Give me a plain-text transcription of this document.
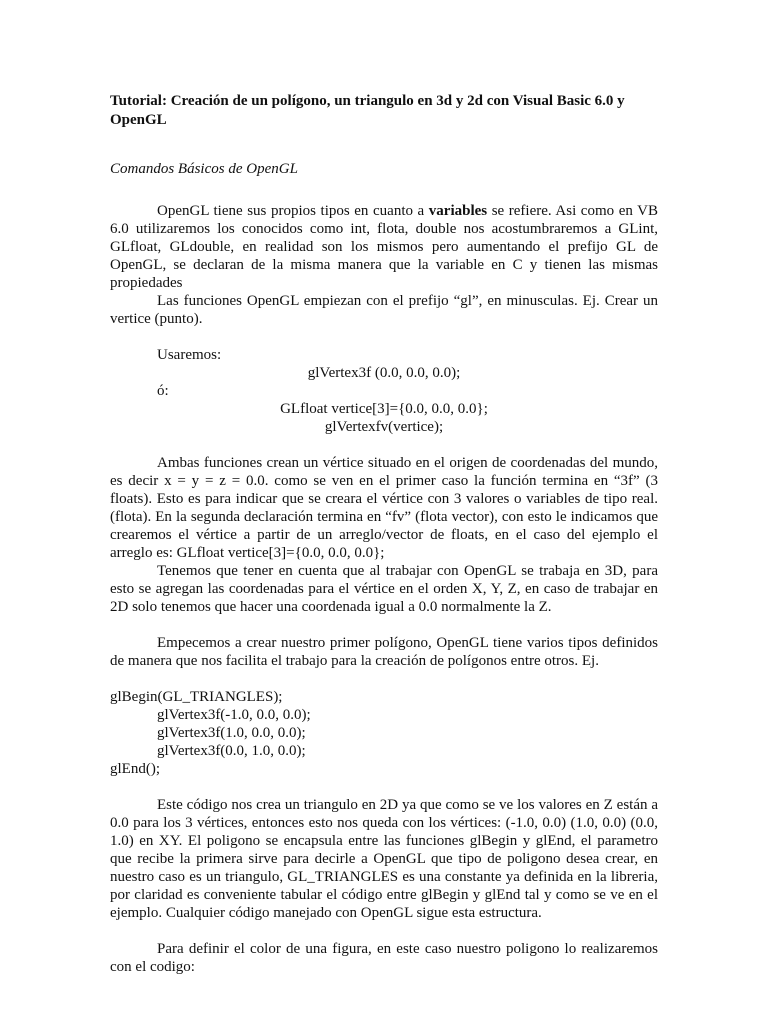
Tutorial: Creación de un polígono, un triangulo en 3d y 2d con Visual Basic 6.0 y OpenGL
Comandos Básicos de OpenGL

OpenGL tiene sus propios tipos en cuanto a variables se refiere. Asi como en VB 6.0 utilizaremos los conocidos como int, flota, double nos acostumbraremos a GLint, GLfloat, GLdouble, en realidad son los mismos pero aumentando el prefijo GL de OpenGL, se declaran de la misma manera que la variable en C y tienen las mismas propiedades

Las funciones OpenGL empiezan con el prefijo “gl”, en minusculas. Ej. Crear un vertice (punto).

Usaremos:
glVertex3f (0.0, 0.0, 0.0);
ó:
GLfloat vertice[3]={0.0, 0.0, 0.0};
glVertexfv(vertice);

Ambas funciones crean un vértice situado en el origen de coordenadas del mundo, es decir x = y = z = 0.0. como se ven en el primer caso la función termina en “3f” (3 floats). Esto es para indicar que se creara el vértice con 3 valores o variables de tipo real. (flota). En la segunda declaración termina en “fv” (flota vector), con esto le indicamos que crearemos el vértice a partir de un arreglo/vector de floats, en el caso del ejemplo el arreglo es: GLfloat vertice[3]={0.0, 0.0, 0.0};

Tenemos que tener en cuenta que al trabajar con OpenGL se trabaja en 3D, para esto se agregan las coordenadas para el vértice en el orden X, Y, Z, en caso de trabajar en 2D solo tenemos que hacer una coordenada igual a 0.0 normalmente la Z.

Empecemos a crear nuestro primer polígono, OpenGL tiene varios tipos definidos de manera que nos facilita el trabajo para la creación de polígonos entre otros. Ej.

glBegin(GL_TRIANGLES);
glVertex3f(-1.0, 0.0, 0.0);
glVertex3f(1.0, 0.0, 0.0);
glVertex3f(0.0, 1.0, 0.0);
glEnd();

Este código nos crea un triangulo en 2D ya que como se ve los valores en Z están a 0.0 para los 3 vértices, entonces esto nos queda con los vértices: (-1.0, 0.0) (1.0, 0.0) (0.0, 1.0) en XY. El poligono se encapsula entre las funciones glBegin y glEnd, el parametro que recibe la primera sirve para decirle a OpenGL que tipo de poligono desea crear, en nuestro caso es un triangulo, GL_TRIANGLES es una constante ya definida en la libreria, por claridad es conveniente tabular el código entre glBegin y glEnd tal y como se ve en el ejemplo. Cualquier código manejado con OpenGL sigue esta estructura.

Para definir el color de una figura, en este caso nuestro poligono lo realizaremos con el codigo:
